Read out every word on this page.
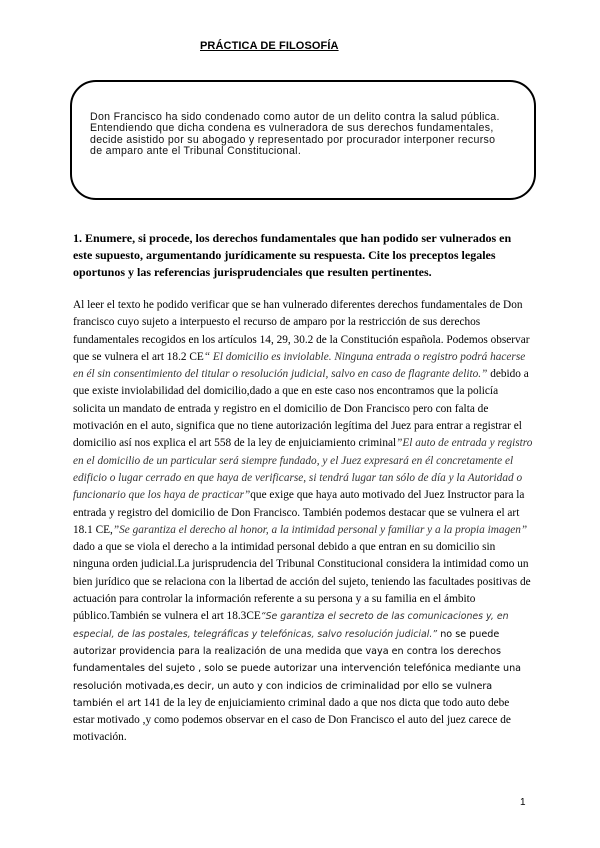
PRÁCTICA DE FILOSOFÍA
Don Francisco ha sido condenado como autor de un delito contra la salud pública. Entendiendo que dicha condena es vulneradora de sus derechos fundamentales, decide asistido por su abogado y representado por procurador interponer recurso de amparo ante el Tribunal Constitucional.
1. Enumere, si procede, los derechos fundamentales que han podido ser vulnerados en este supuesto, argumentando jurídicamente su respuesta. Cite los preceptos legales oportunos y las referencias jurisprudenciales que resulten pertinentes.
Al leer el texto he podido verificar que se han vulnerado diferentes derechos fundamentales de Don francisco cuyo sujeto a interpuesto el recurso de amparo por la restricción de sus derechos fundamentales recogidos en los artículos 14, 29, 30.2 de la Constitución española. Podemos observar que se vulnera el art 18.2 CE“ El domicilio es inviolable. Ninguna entrada o registro podrá hacerse en él sin consentimiento del titular o resolución judicial, salvo en caso de flagrante delito.” debido a que existe inviolabilidad del domicilio,dado a que en este caso nos encontramos que la policía solicita un mandato de entrada y registro en el domicilio de Don Francisco pero con falta de motivación en el auto, significa que no tiene autorización legítima del Juez para entrar a registrar el domicilio así nos explica el art 558 de la ley de enjuiciamiento criminal”El auto de entrada y registro en el domicilio de un particular será siempre fundado, y el Juez expresará en él concretamente el edificio o lugar cerrado en que haya de verificarse, si tendrá lugar tan sólo de día y la Autoridad o funcionario que los haya de practicar”que exige que haya auto motivado del Juez Instructor para la entrada y registro del domicilio de Don Francisco. También podemos destacar que se vulnera el art 18.1 CE,”Se garantiza el derecho al honor, a la intimidad personal y familiar y a la propia imagen” dado a que se viola el derecho a la intimidad personal debido a que entran en su domicilio sin ninguna orden judicial.La jurisprudencia del Tribunal Constitucional considera la intimidad como un bien jurídico que se relaciona con la libertad de acción del sujeto, teniendo las facultades positivas de actuación para controlar la información referente a su persona y a su familia en el ámbito público.También se vulnera el art 18.3CE“Se garantiza el secreto de las comunicaciones y, en especial, de las postales, telegráficas y telefónicas, salvo resolución judicial.” no se puede autorizar providencia para la realización de una medida que vaya en contra los derechos fundamentales del sujeto , solo se puede autorizar una intervención telefónica mediante una resolución motivada,es decir, un auto y con indicios de criminalidad por ello se vulnera también el art 141 de la ley de enjuiciamiento criminal dado a que nos dicta que todo auto debe estar motivado ,y como podemos observar en el caso de Don Francisco el auto del juez carece de motivación.
1
